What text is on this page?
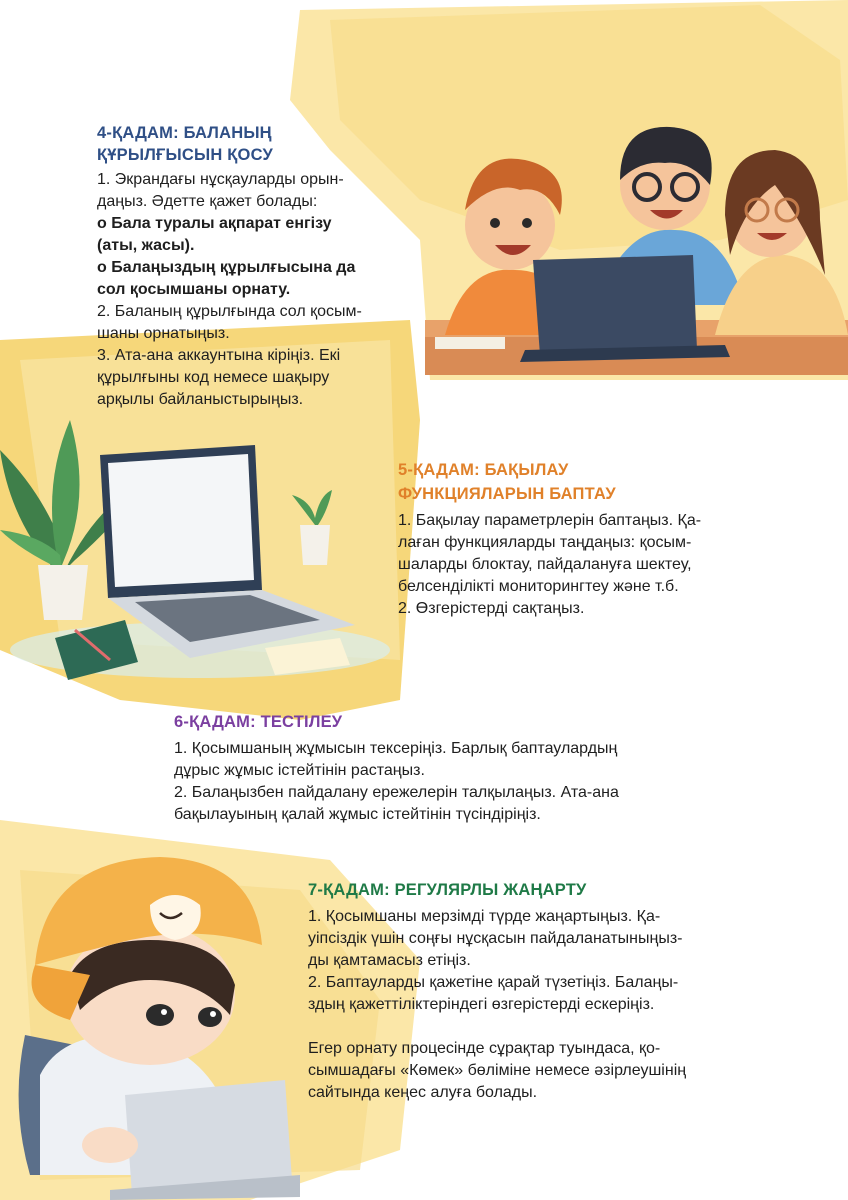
4-ҚАДАМ: БАЛАНЫҢ
ҚҰРЫЛҒЫСЫН ҚОСУ

1. Экрандағы нұсқауларды орын-

даңыз. Әдетте қажет болады:

o Бала туралы ақпарат енгізу

(аты, жасы).

o Балаңыздың құрылғысына да

сол қосымшаны орнату.

2. Баланың құрылғында сол қосым-

шаны орнатыңыз.

3. Ата-ана аккаунтына кіріңіз. Екі

құрылғыны код немесе шақыру

арқылы байланыстырыңыз.

5-ҚАДАМ: БАҚЫЛАУ
ФУНКЦИЯЛАРЫН БАПТАУ

1. Бақылау параметрлерін баптаңыз. Қа-

лаған функцияларды таңдаңыз: қосым-

шаларды блоктау, пайдалануға шектеу,

белсенділікті мониторингтеу және т.б.

2. Өзгерістерді сақтаңыз.

6-ҚАДАМ: ТЕСТІЛЕУ

1. Қосымшаның жұмысын тексеріңіз. Барлық баптаулардың

дұрыс жұмыс істейтінін растаңыз.

2. Балаңызбен пайдалану ережелерін талқылаңыз. Ата-ана

бақылауының қалай жұмыс істейтінін түсіндіріңіз.

7-ҚАДАМ: РЕГУЛЯРЛЫ ЖАҢАРТУ

1. Қосымшаны мерзімді түрде жаңартыңыз. Қа-

уіпсіздік үшін соңғы нұсқасын пайдаланатыныңыз-

ды қамтамасыз етіңіз.

2. Баптауларды қажетіне қарай түзетіңіз. Балаңы-

здың қажеттіліктеріндегі өзгерістерді ескеріңіз.

Егер орнату процесінде сұрақтар туындаса, қо-

сымшадағы «Көмек» бөліміне немесе әзірлеушінің

сайтында кеңес алуға болады.
